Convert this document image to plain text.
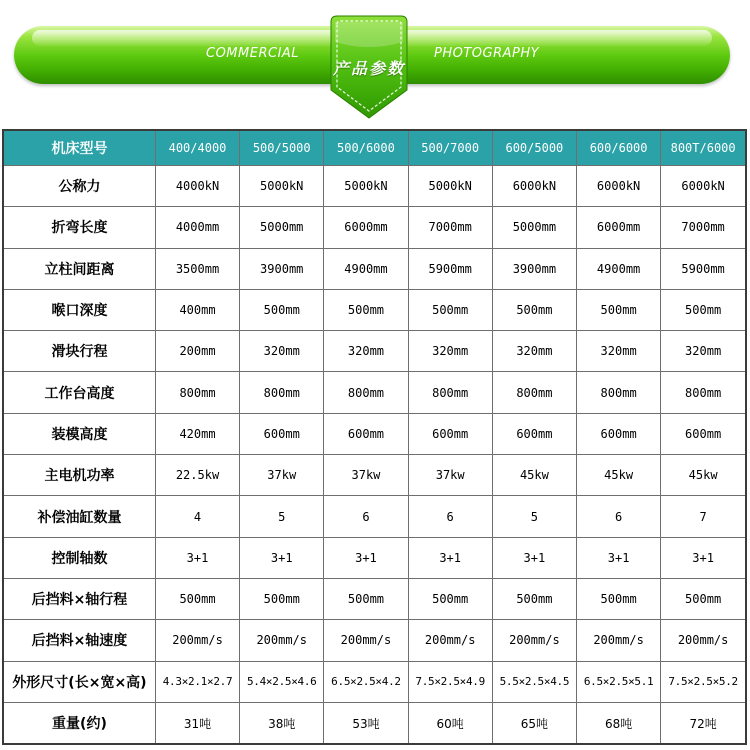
COMMERCIAL	PHOTOGRAPHY
产品参数
机床型号	400/4000	500/5000	500/6000	500/7000	600/5000	600/6000	800T/6000
公称力	4000kN	5000kN	5000kN	5000kN	6000kN	6000kN	6000kN
折弯长度	4000mm	5000mm	6000mm	7000mm	5000mm	6000mm	7000mm
立柱间距离	3500mm	3900mm	4900mm	5900mm	3900mm	4900mm	5900mm
喉口深度	400mm	500mm	500mm	500mm	500mm	500mm	500mm
滑块行程	200mm	320mm	320mm	320mm	320mm	320mm	320mm
工作台高度	800mm	800mm	800mm	800mm	800mm	800mm	800mm
装模高度	420mm	600mm	600mm	600mm	600mm	600mm	600mm
主电机功率	22.5kw	37kw	37kw	37kw	45kw	45kw	45kw
补偿油缸数量	4	5	6	6	5	6	7
控制轴数	3+1	3+1	3+1	3+1	3+1	3+1	3+1
后挡料×轴行程	500mm	500mm	500mm	500mm	500mm	500mm	500mm
后挡料×轴速度	200mm/s	200mm/s	200mm/s	200mm/s	200mm/s	200mm/s	200mm/s
外形尺寸(长×宽×高)	4.3×2.1×2.7	5.4×2.5×4.6	6.5×2.5×4.2	7.5×2.5×4.9	5.5×2.5×4.5	6.5×2.5×5.1	7.5×2.5×5.2
重量(约)	31吨	38吨	53吨	60吨	65吨	68吨	72吨
